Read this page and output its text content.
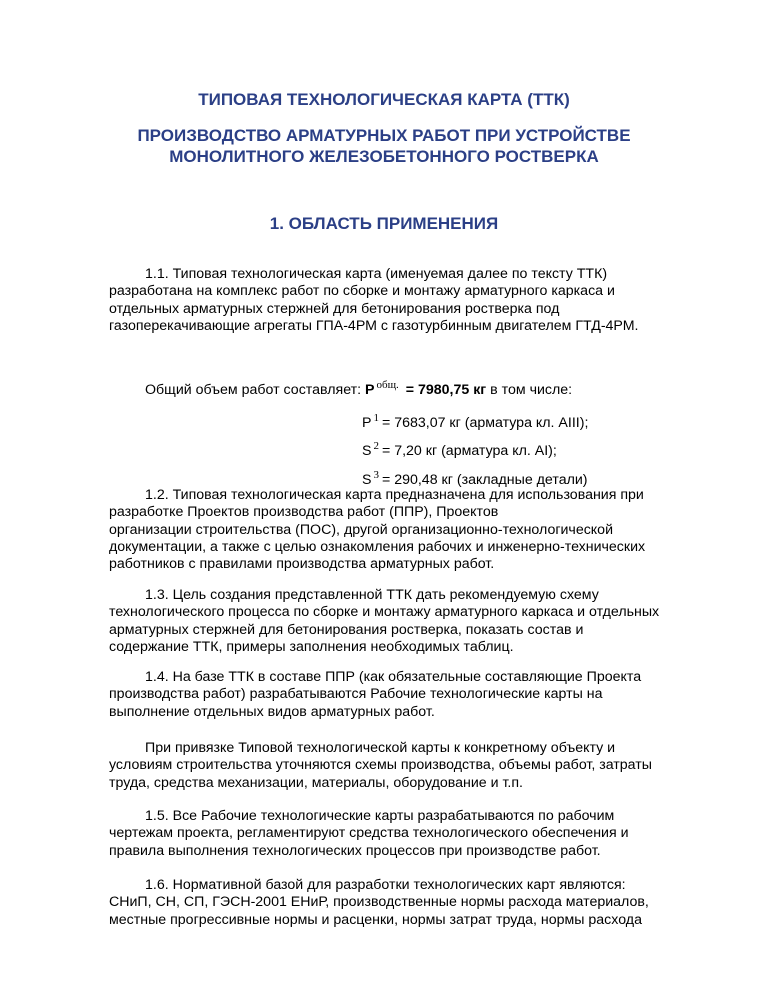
ТИПОВАЯ ТЕХНОЛОГИЧЕСКАЯ КАРТА (ТТК)
ПРОИЗВОДСТВО АРМАТУРНЫХ РАБОТ ПРИ УСТРОЙСТВЕ
МОНОЛИТНОГО ЖЕЛЕЗОБЕТОННОГО РОСТВЕРКА
1. ОБЛАСТЬ ПРИМЕНЕНИЯ

1.1. Типовая технологическая карта (именуемая далее по тексту ТТК)
разработана на комплекс работ по сборке и монтажу арматурного каркаса и
отдельных арматурных стержней для бетонирования ростверка под
газоперекачивающие агрегаты ГПА-4РМ с газотурбинным двигателем ГТД-4РМ.

Общий объем работ составляет: P $^{общ.}$ = 7980,75 кг в том числе:
P $^1$ = 7683,07 кг (арматура кл. АIII);
S $^2$ = 7,20 кг (арматура кл. АI);
S $^3$ = 290,48 кг (закладные детали)

1.2. Типовая технологическая карта предназначена для использования при
разработке Проектов производства работ (ППР), Проектов
организации строительства (ПОС), другой организационно-технологической
документации, а также с целью ознакомления рабочих и инженерно-технических
работников с правилами производства арматурных работ.

1.3. Цель создания представленной ТТК дать рекомендуемую схему
технологического процесса по сборке и монтажу арматурного каркаса и отдельных
арматурных стержней для бетонирования ростверка, показать состав и
содержание ТТК, примеры заполнения необходимых таблиц.

1.4. На базе ТТК в составе ППР (как обязательные составляющие Проекта
производства работ) разрабатываются Рабочие технологические карты на
выполнение отдельных видов арматурных работ.

При привязке Типовой технологической карты к конкретному объекту и
условиям строительства уточняются схемы производства, объемы работ, затраты
труда, средства механизации, материалы, оборудование и т.п.

1.5. Все Рабочие технологические карты разрабатываются по рабочим
чертежам проекта, регламентируют средства технологического обеспечения и
правила выполнения технологических процессов при производстве работ.

1.6. Нормативной базой для разработки технологических карт являются:
СНиП, СН, СП, ГЭСН-2001 ЕНиР, производственные нормы расхода материалов,
местные прогрессивные нормы и расценки, нормы затрат труда, нормы расхода
